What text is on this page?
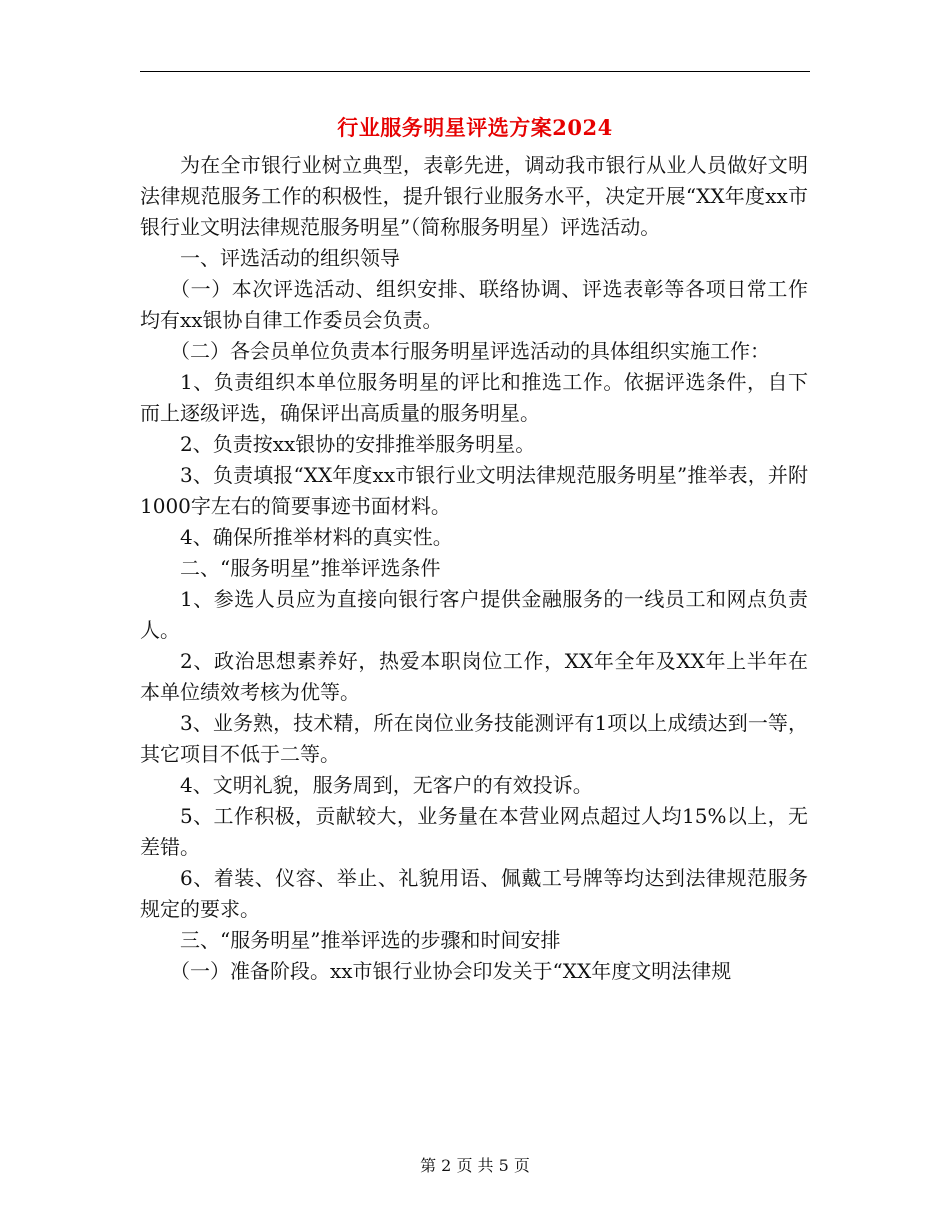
行业服务明星评选方案2024

为在全市银行业树立典型，表彰先进，调动我市银行从业人员做好文明法律规范服务工作的积极性，提升银行业服务水平，决定开展“XX年度xx市银行业文明法律规范服务明星”（简称服务明星）评选活动。

一、评选活动的组织领导

（一）本次评选活动、组织安排、联络协调、评选表彰等各项日常工作均有xx银协自律工作委员会负责。

（二）各会员单位负责本行服务明星评选活动的具体组织实施工作：

1、负责组织本单位服务明星的评比和推选工作。依据评选条件，自下而上逐级评选，确保评出高质量的服务明星。

2、负责按xx银协的安排推举服务明星。

3、负责填报“XX年度xx市银行业文明法律规范服务明星”推举表，并附1000字左右的简要事迹书面材料。

4、确保所推举材料的真实性。

二、“服务明星”推举评选条件

1、参选人员应为直接向银行客户提供金融服务的一线员工和网点负责人。

2、政治思想素养好，热爱本职岗位工作，XX年全年及XX年上半年在本单位绩效考核为优等。

3、业务熟，技术精，所在岗位业务技能测评有1项以上成绩达到一等，其它项目不低于二等。

4、文明礼貌，服务周到，无客户的有效投诉。

5、工作积极，贡献较大，业务量在本营业网点超过人均15%以上，无差错。

6、着装、仪容、举止、礼貌用语、佩戴工号牌等均达到法律规范服务规定的要求。

三、“服务明星”推举评选的步骤和时间安排

（一）准备阶段。xx市银行业协会印发关于“XX年度文明法律规

第 2 页 共 5 页
